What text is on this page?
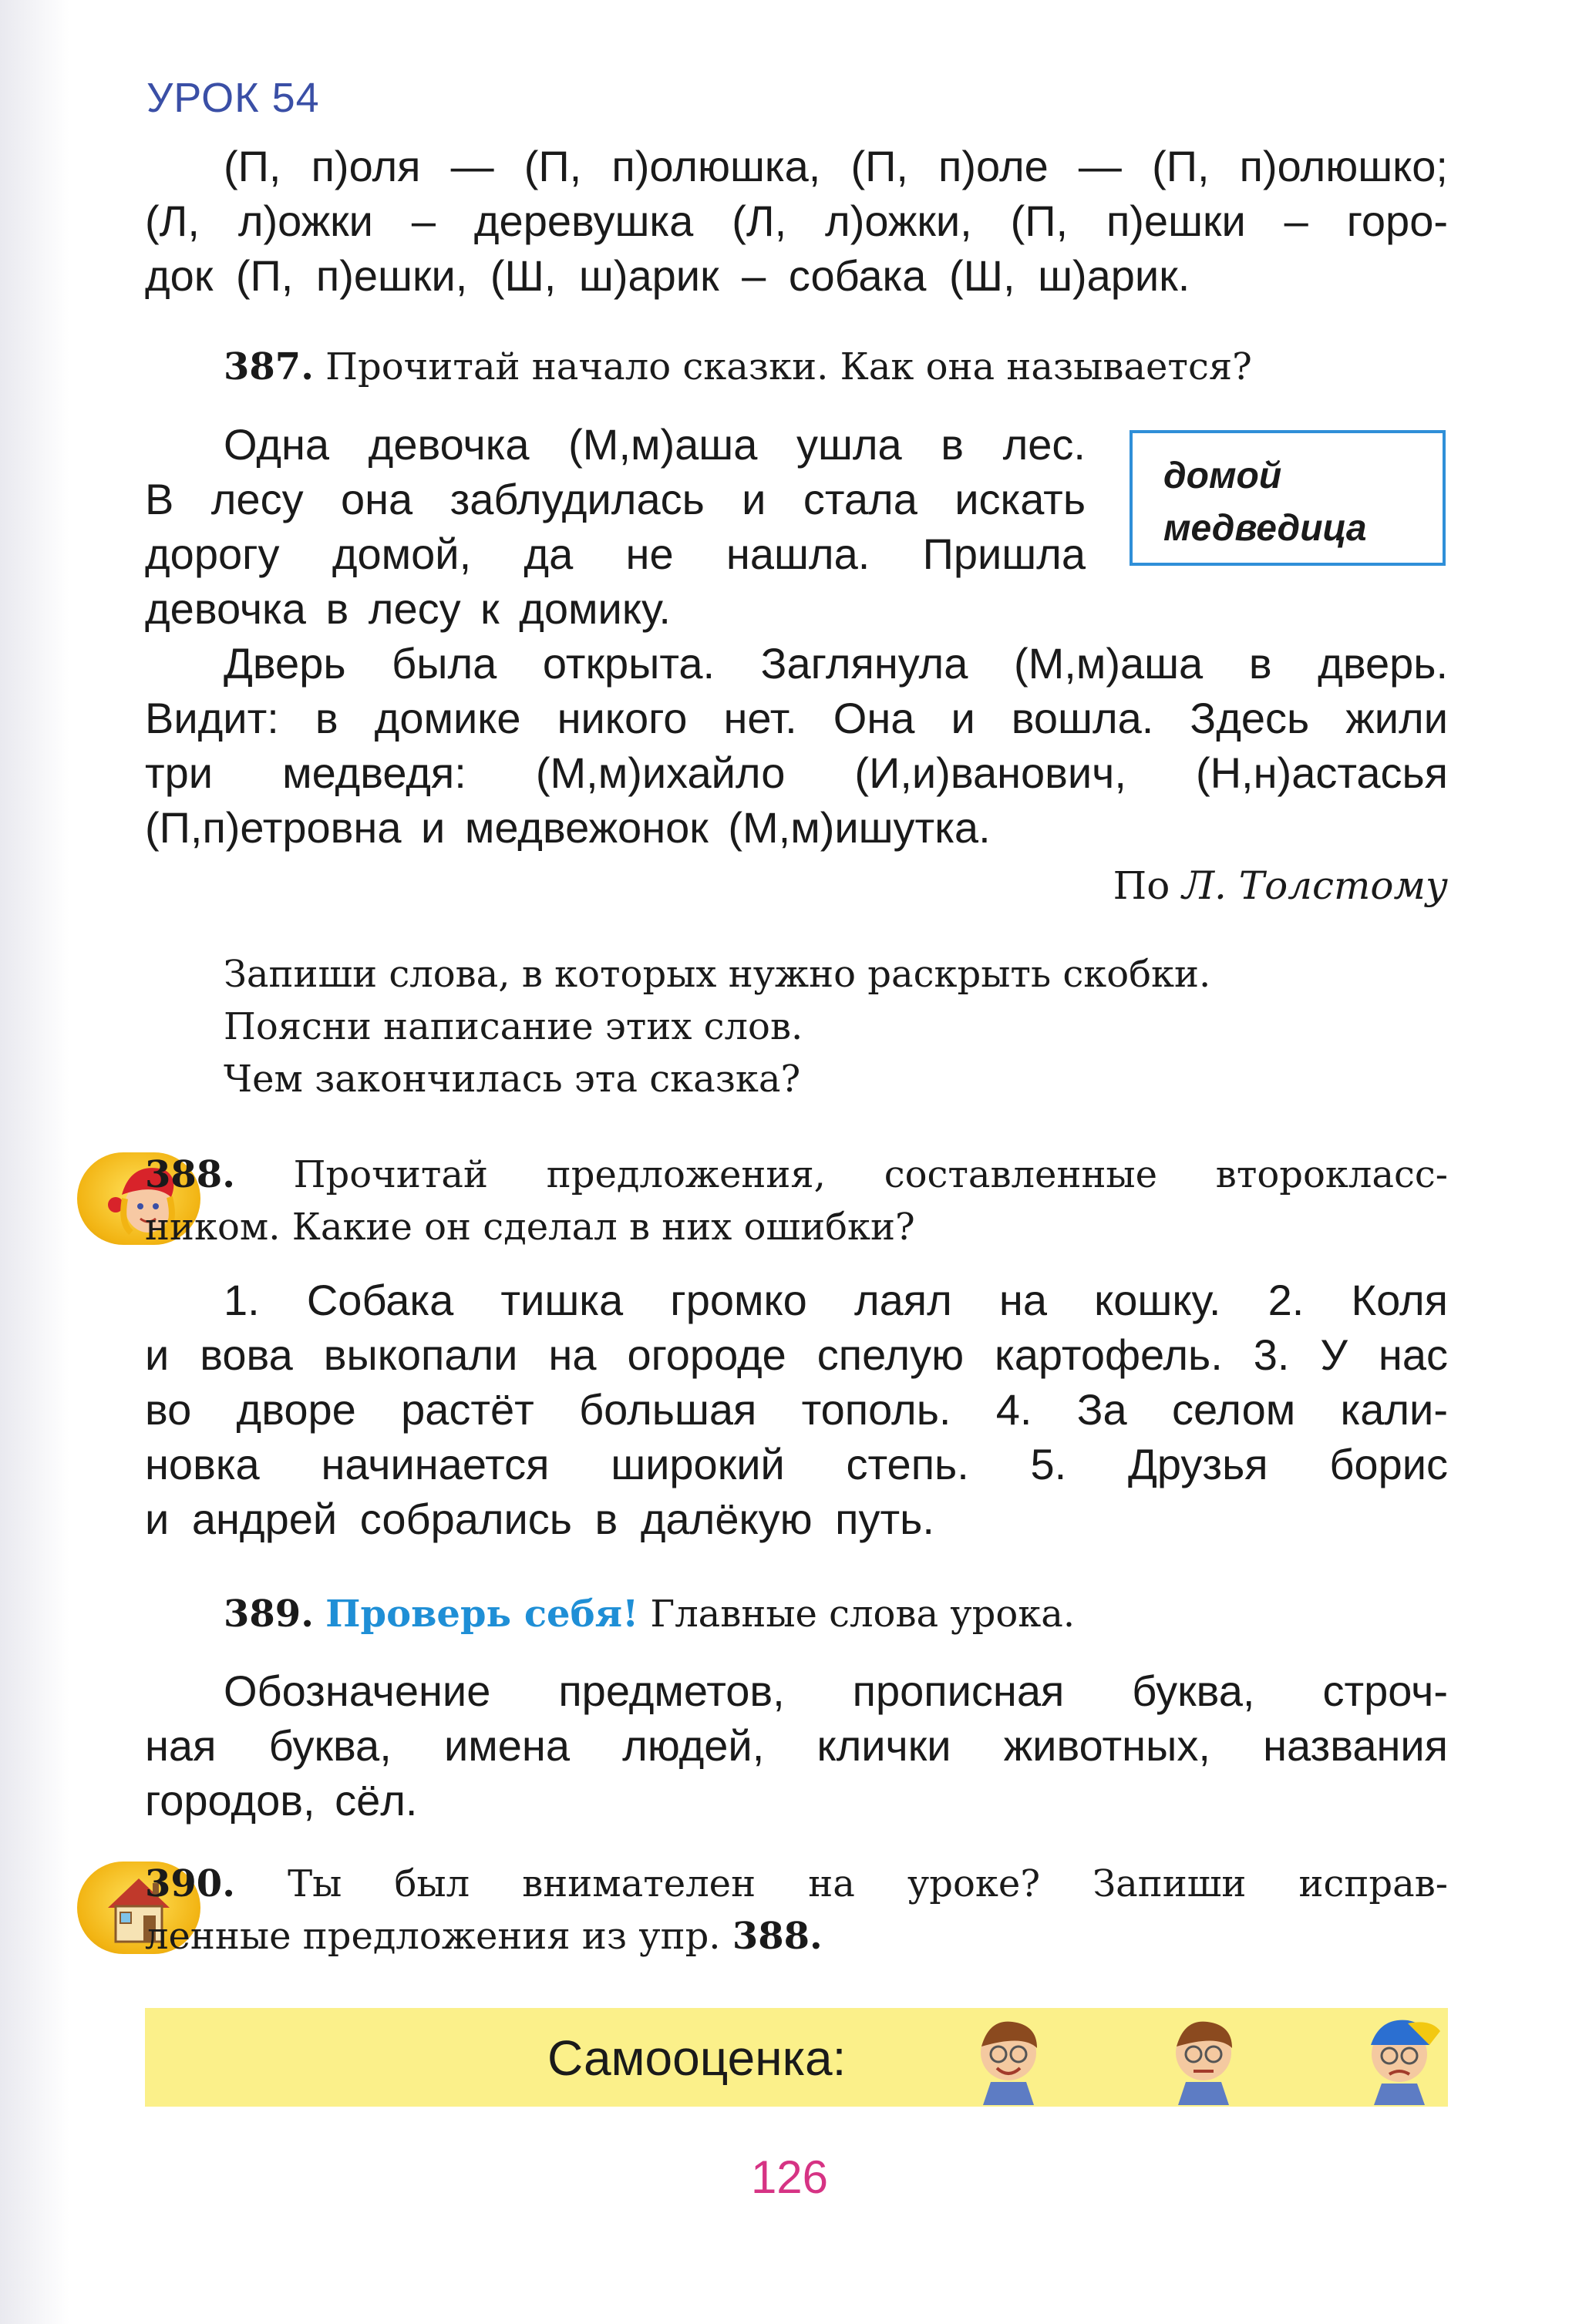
УРОК 54
(П, п)оля — (П, п)олюшка, (П, п)оле — (П, п)олюшко;
(Л, л)ожки – деревушка (Л, л)ожки, (П, п)ешки – горо-
док (П, п)ешки, (Ш, ш)арик – собака (Ш, ш)арик.
387. Прочитай начало сказки. Как она называется?
Одна девочка (М,м)аша ушла в лес.
В лесу она заблудилась и стала искать
дорогу домой, да не нашла. Пришла
домой
медведица
девочка в лесу к домику.
Дверь была открыта. Заглянула (М,м)аша в дверь.
Видит: в домике никого нет. Она и вошла. Здесь жили
три медведя: (М,м)ихайло (И,и)ванович, (Н,н)астасья
(П,п)етровна и медвежонок (М,м)ишутка.
По Л. Толстому
Запиши слова, в которых нужно раскрыть скобки.
Поясни написание этих слов.
Чем закончилась эта сказка?
388. Прочитай предложения, составленные второкласс-
ником. Какие он сделал в них ошибки?
1. Собака тишка громко лаял на кошку. 2. Коля
и вова выкопали на огороде спелую картофель. 3. У нас
во дворе растёт большая тополь. 4. За селом кали-
новка начинается широкий степь. 5. Друзья борис
и андрей собрались в далёкую путь.
389. Проверь себя! Главные слова урока.
Обозначение предметов, прописная буква, строч-
ная буква, имена людей, клички животных, названия
городов, сёл.
390. Ты был внимателен на уроке? Запиши исправ-
ленные предложения из упр. 388.
Самооценка:
126
